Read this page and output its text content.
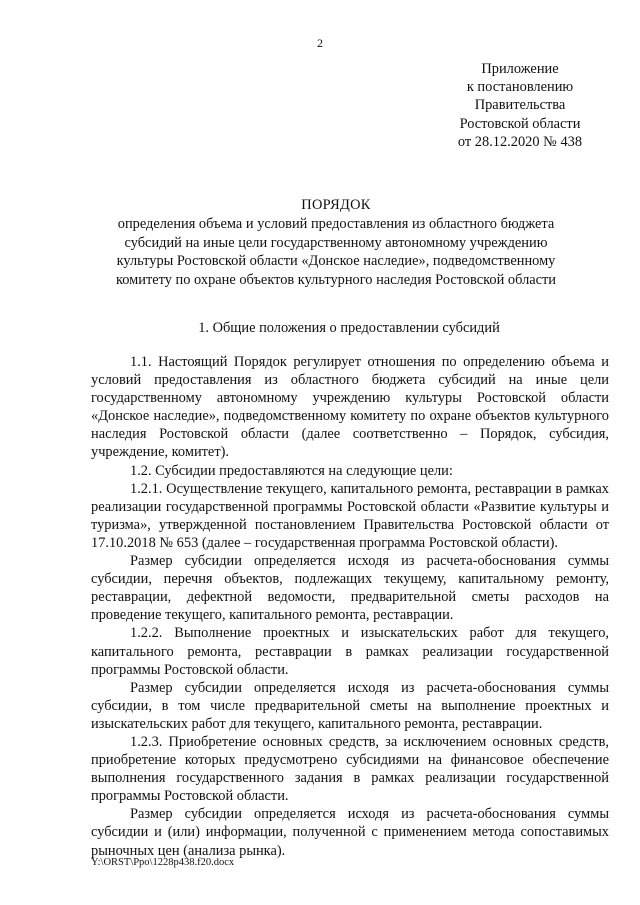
2
Приложение
к постановлению
Правительства
Ростовской области
от 28.12.2020 № 438
ПОРЯДОК
определения объема и условий предоставления из областного бюджета
субсидий на иные цели государственному автономному учреждению
культуры Ростовской области «Донское наследие», подведомственному
комитету по охране объектов культурного наследия Ростовской области
1. Общие положения о предоставлении субсидий

1.1. Настоящий Порядок регулирует отношения по определению объема и условий предоставления из областного бюджета субсидий на иные цели государственному автономному учреждению культуры Ростовской области «Донское наследие», подведомственному комитету по охране объектов культурного наследия Ростовской области (далее соответственно – Порядок, субсидия, учреждение, комитет).

1.2. Субсидии предоставляются на следующие цели:

1.2.1. Осуществление текущего, капитального ремонта, реставрации в рамках реализации государственной программы Ростовской области «Развитие культуры и туризма», утвержденной постановлением Правительства Ростовской области от 17.10.2018 № 653 (далее – государственная программа Ростовской области).

Размер субсидии определяется исходя из расчета-обоснования суммы субсидии, перечня объектов, подлежащих текущему, капитальному ремонту, реставрации, дефектной ведомости, предварительной сметы расходов на проведение текущего, капитального ремонта, реставрации.

1.2.2. Выполнение проектных и изыскательских работ для текущего, капитального ремонта, реставрации в рамках реализации государственной программы Ростовской области.

Размер субсидии определяется исходя из расчета-обоснования суммы субсидии, в том числе предварительной сметы на выполнение проектных и изыскательских работ для текущего, капитального ремонта, реставрации.

1.2.3. Приобретение основных средств, за исключением основных средств, приобретение которых предусмотрено субсидиями на финансовое обеспечение выполнения государственного задания в рамках реализации государственной программы Ростовской области.

Размер субсидии определяется исходя из расчета-обоснования суммы субсидии и (или) информации, полученной с применением метода сопоставимых рыночных цен (анализа рынка).

Y:\ORST\Ppo\1228p438.f20.docx
